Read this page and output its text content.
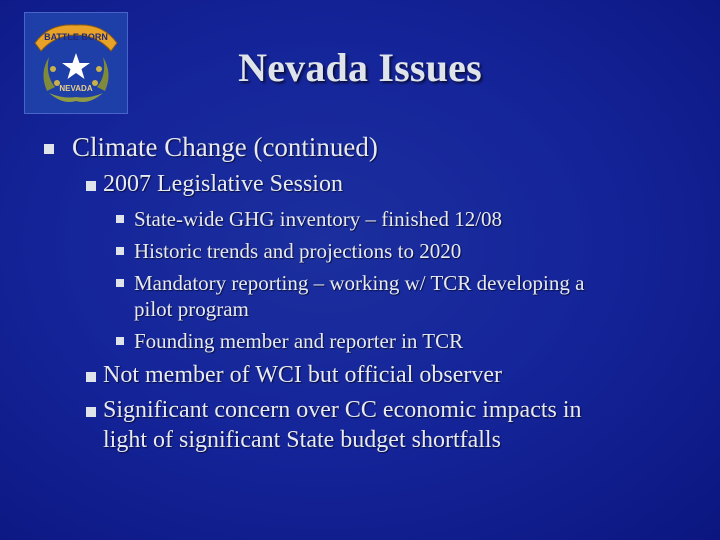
BATTLE BORN
NEVADA	Nevada Issues
Climate Change (continued)
2007 Legislative Session
State-wide GHG inventory – finished 12/08
Historic trends and projections to 2020
Mandatory reporting – working w/ TCR developing a
pilot program
Founding member and reporter in TCR
Not member of WCI but official observer
Significant concern over CC economic impacts in
light of significant State budget shortfalls
